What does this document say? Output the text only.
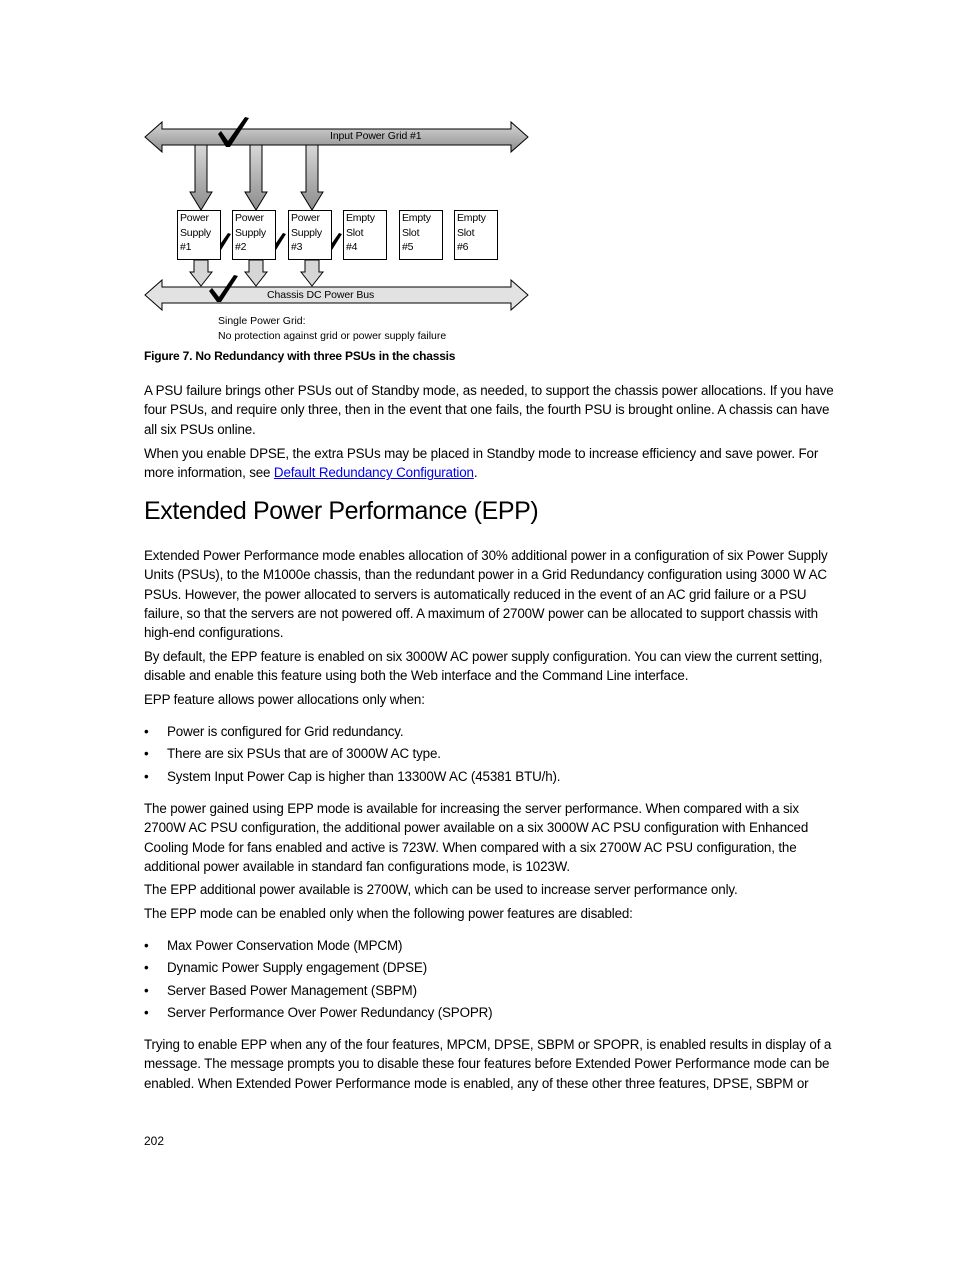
Input Power Grid #1
Chassis DC Power Bus
Power
Supply
#1
Power
Supply
#2
Power
Supply
#3
Empty
Slot
#4
Empty
Slot
#5
Empty
Slot
#6
Single Power Grid:
No protection against grid or power supply failure
Figure 7. No Redundancy with three PSUs in the chassis

A PSU failure brings other PSUs out of Standby mode, as needed, to support the chassis power allocations. If you have four PSUs, and require only three, then in the event that one fails, the fourth PSU is brought online. A chassis can have all six PSUs online.

When you enable DPSE, the extra PSUs may be placed in Standby mode to increase efficiency and save power. For more information, see Default Redundancy Configuration.

Extended Power Performance (EPP)

Extended Power Performance mode enables allocation of 30% additional power in a configuration of six Power Supply Units (PSUs), to the M1000e chassis, than the redundant power in a Grid Redundancy configuration using 3000 W AC PSUs. However, the power allocated to servers is automatically reduced in the event of an AC grid failure or a PSU failure, so that the servers are not powered off. A maximum of 2700W power can be allocated to support chassis with high-end configurations.

By default, the EPP feature is enabled on six 3000W AC power supply configuration. You can view the current setting, disable and enable this feature using both the Web interface and the Command Line interface.

EPP feature allows power allocations only when:

• Power is configured for Grid redundancy.
• There are six PSUs that are of 3000W AC type.
• System Input Power Cap is higher than 13300W AC (45381 BTU/h).

The power gained using EPP mode is available for increasing the server performance. When compared with a six 2700W AC PSU configuration, the additional power available on a six 3000W AC PSU configuration with Enhanced Cooling Mode for fans enabled and active is 723W. When compared with a six 2700W AC PSU configuration, the additional power available in standard fan configurations mode, is 1023W.

The EPP additional power available is 2700W, which can be used to increase server performance only.

The EPP mode can be enabled only when the following power features are disabled:

• Max Power Conservation Mode (MPCM)
• Dynamic Power Supply engagement (DPSE)
• Server Based Power Management (SBPM)
• Server Performance Over Power Redundancy (SPOPR)

Trying to enable EPP when any of the four features, MPCM, DPSE, SBPM or SPOPR, is enabled results in display of a message. The message prompts you to disable these four features before Extended Power Performance mode can be enabled. When Extended Power Performance mode is enabled, any of these other three features, DPSE, SBPM or

202
